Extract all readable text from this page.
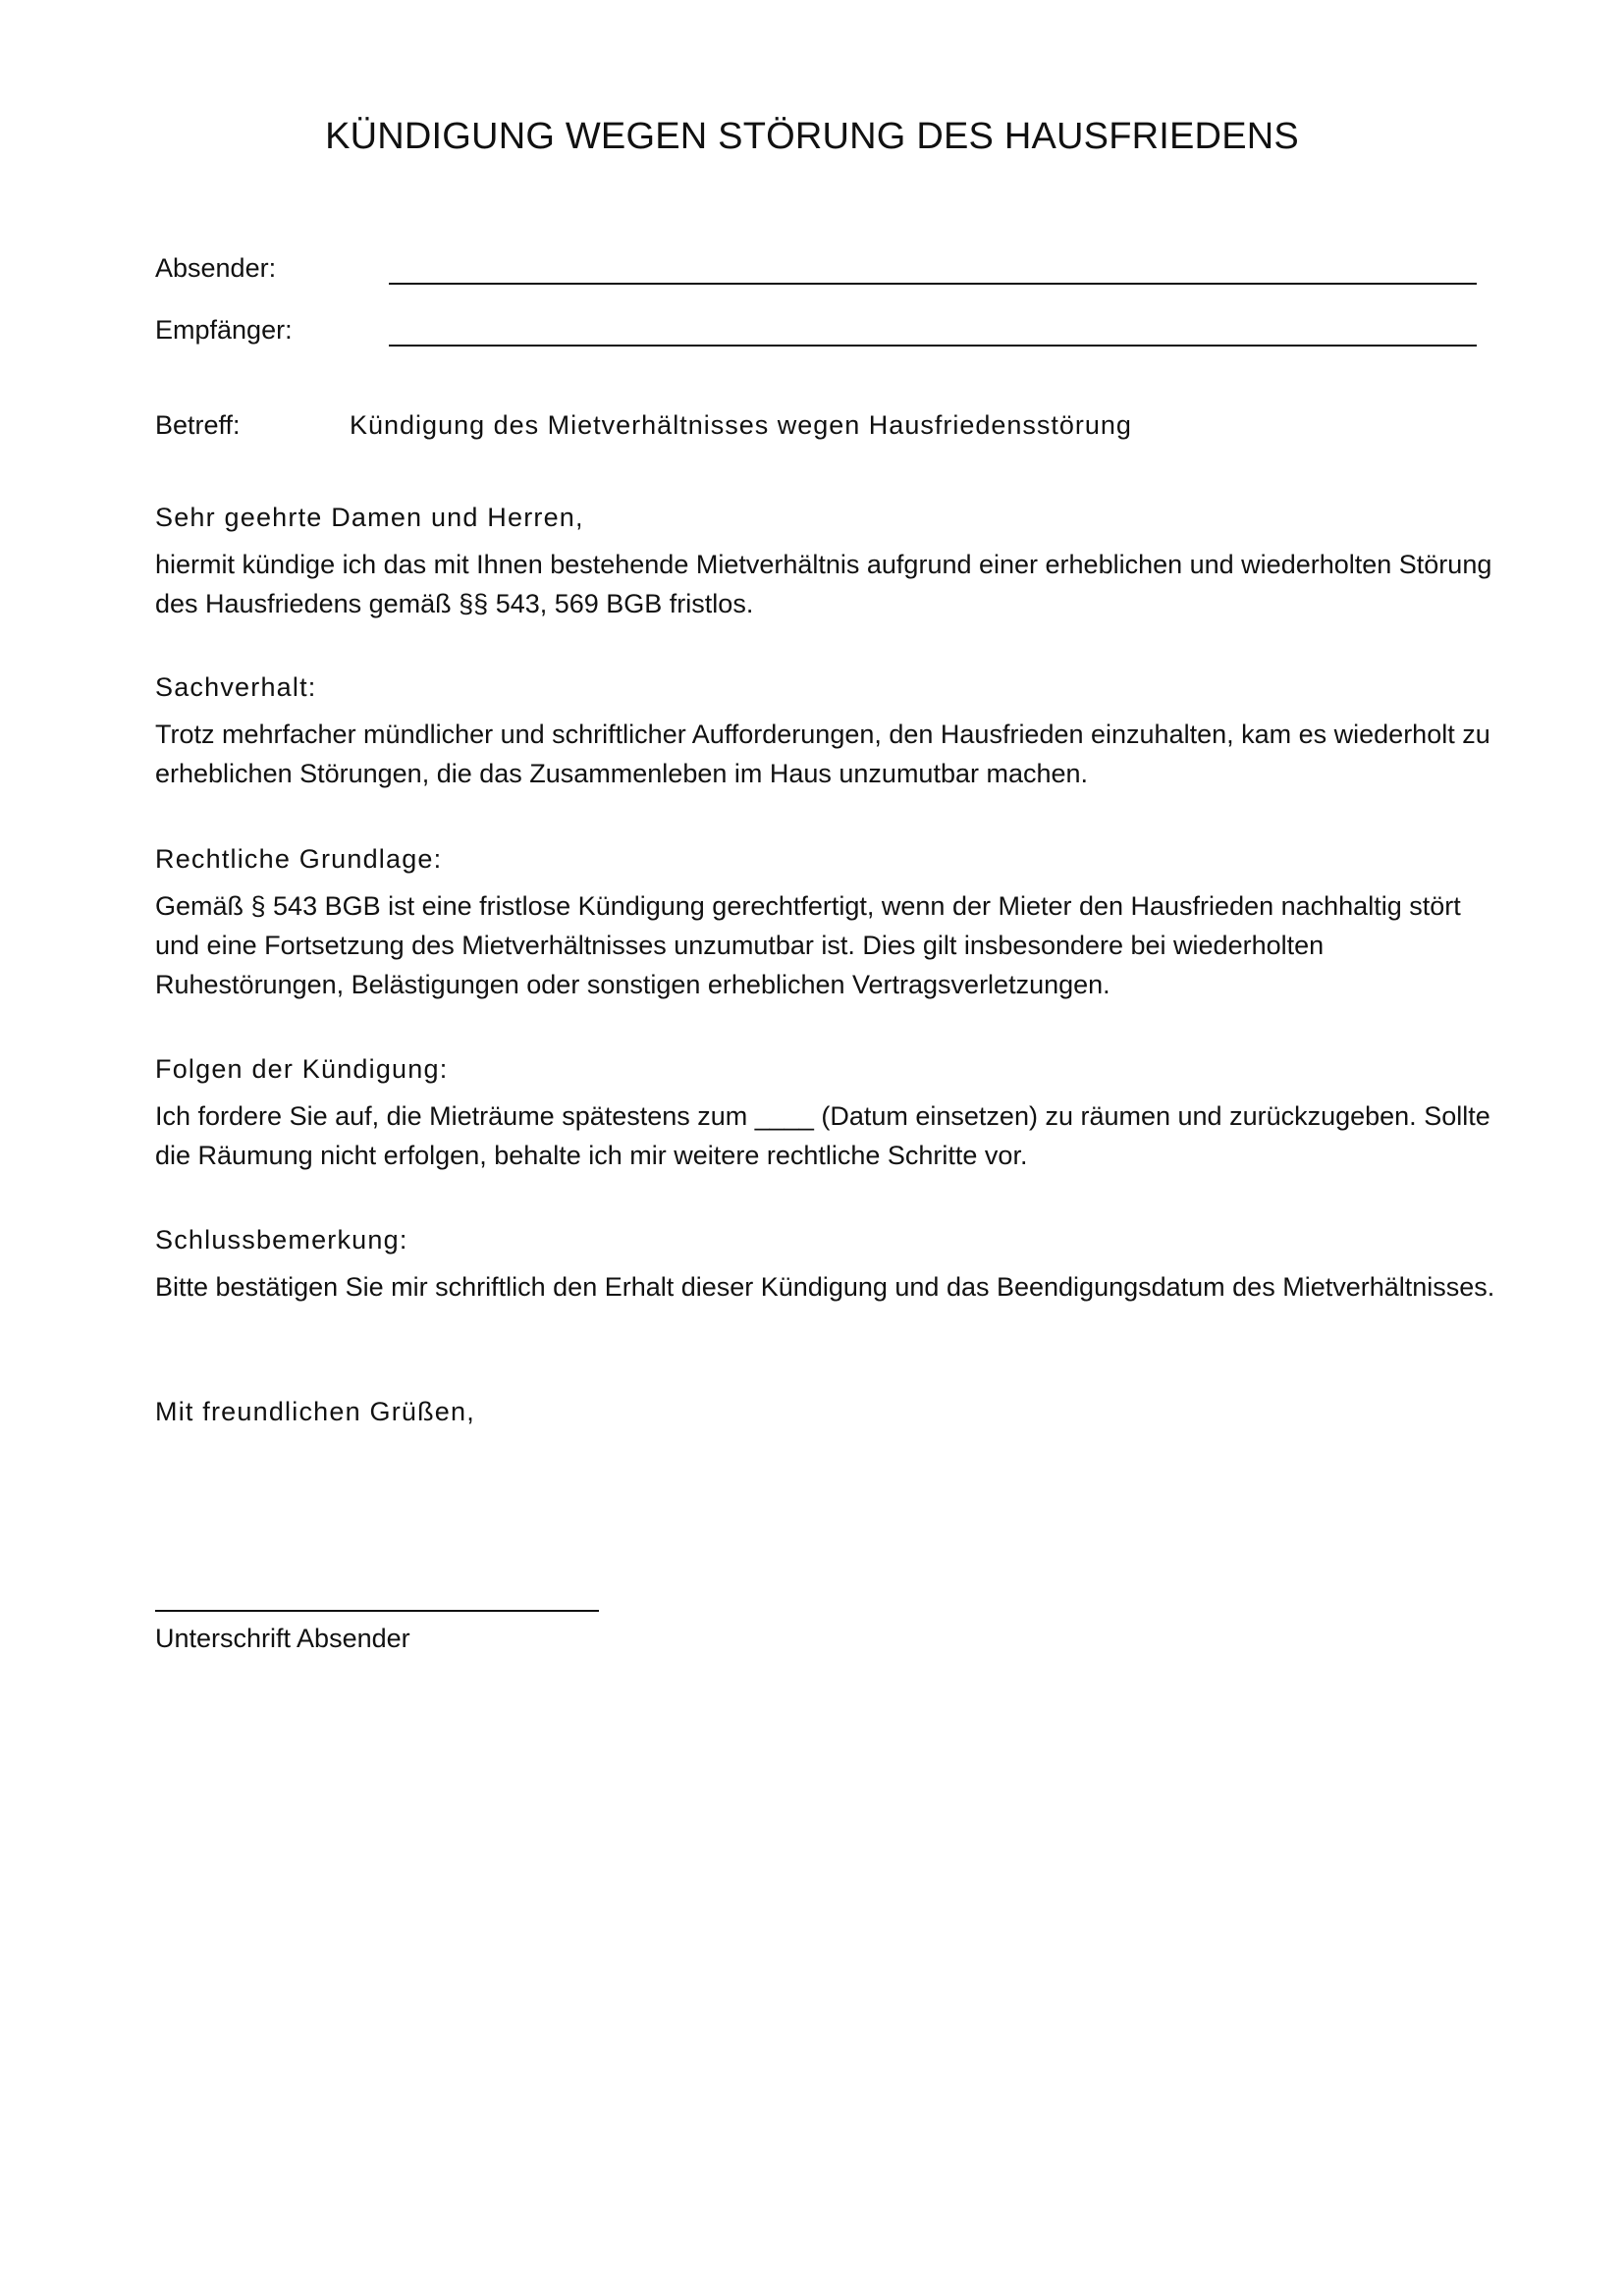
KÜNDIGUNG WEGEN STÖRUNG DES HAUSFRIEDENS
Absender:
Empfänger:
Betreff:	Kündigung des Mietverhältnisses wegen Hausfriedensstörung

Sehr geehrte Damen und Herren,

hiermit kündige ich das mit Ihnen bestehende Mietverhältnis aufgrund einer erheblichen und wiederholten Störung des Hausfriedens gemäß §§ 543, 569 BGB fristlos.

Sachverhalt:

Trotz mehrfacher mündlicher und schriftlicher Aufforderungen, den Hausfrieden einzuhalten, kam es wiederholt zu erheblichen Störungen, die das Zusammenleben im Haus unzumutbar machen.

Rechtliche Grundlage:

Gemäß § 543 BGB ist eine fristlose Kündigung gerechtfertigt, wenn der Mieter den Hausfrieden nachhaltig stört und eine Fortsetzung des Mietverhältnisses unzumutbar ist. Dies gilt insbesondere bei wiederholten Ruhestörungen, Belästigungen oder sonstigen erheblichen Vertragsverletzungen.

Folgen der Kündigung:

Ich fordere Sie auf, die Mieträume spätestens zum ____ (Datum einsetzen) zu räumen und zurückzugeben. Sollte die Räumung nicht erfolgen, behalte ich mir weitere rechtliche Schritte vor.

Schlussbemerkung:

Bitte bestätigen Sie mir schriftlich den Erhalt dieser Kündigung und das Beendigungsdatum des Mietverhältnisses.

Mit freundlichen Grüßen,

Unterschrift Absender
